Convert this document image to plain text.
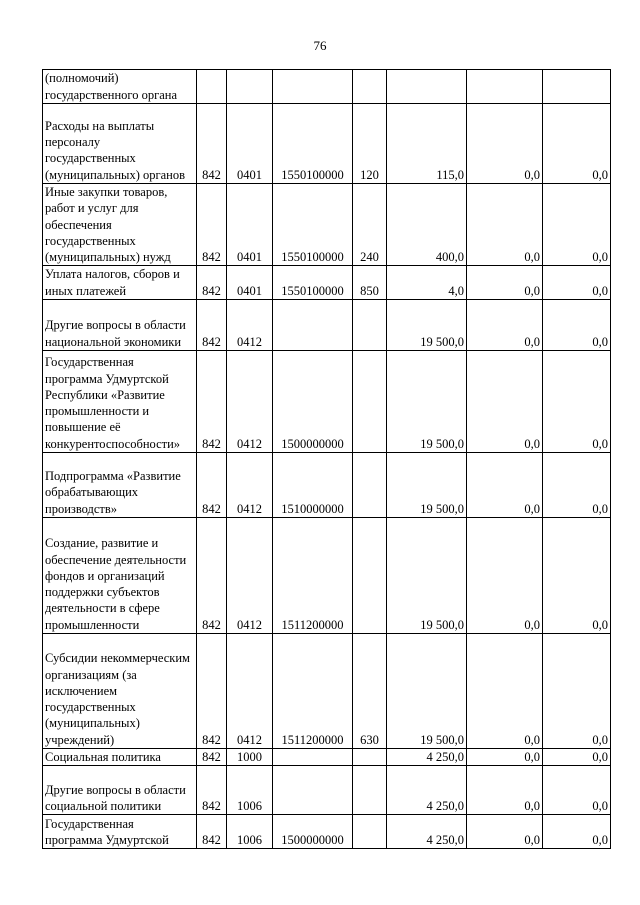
76
(полномочий) государственного органа							
Расходы на выплаты персоналу государственных (муниципальных) органов	842	0401	1550100000	120	115,0	0,0	0,0
Иные закупки товаров, работ и услуг для обеспечения государственных (муниципальных) нужд	842	0401	1550100000	240	400,0	0,0	0,0
Уплата налогов, сборов и иных платежей	842	0401	1550100000	850	4,0	0,0	0,0
Другие вопросы в области национальной экономики	842	0412			19 500,0	0,0	0,0
Государственная программа Удмуртской Республики «Развитие промышленности и повышение её конкурентоспособности»	842	0412	1500000000		19 500,0	0,0	0,0
Подпрограмма «Развитие обрабатывающих производств»	842	0412	1510000000		19 500,0	0,0	0,0
Создание, развитие и обеспечение деятельности фондов и организаций поддержки субъектов деятельности в сфере промышленности	842	0412	1511200000		19 500,0	0,0	0,0
Субсидии некоммерческим организациям (за исключением государственных (муниципальных) учреждений)	842	0412	1511200000	630	19 500,0	0,0	0,0
Социальная политика	842	1000			4 250,0	0,0	0,0
Другие вопросы в области социальной политики	842	1006			4 250,0	0,0	0,0
Государственная программа Удмуртской	842	1006	1500000000		4 250,0	0,0	0,0
